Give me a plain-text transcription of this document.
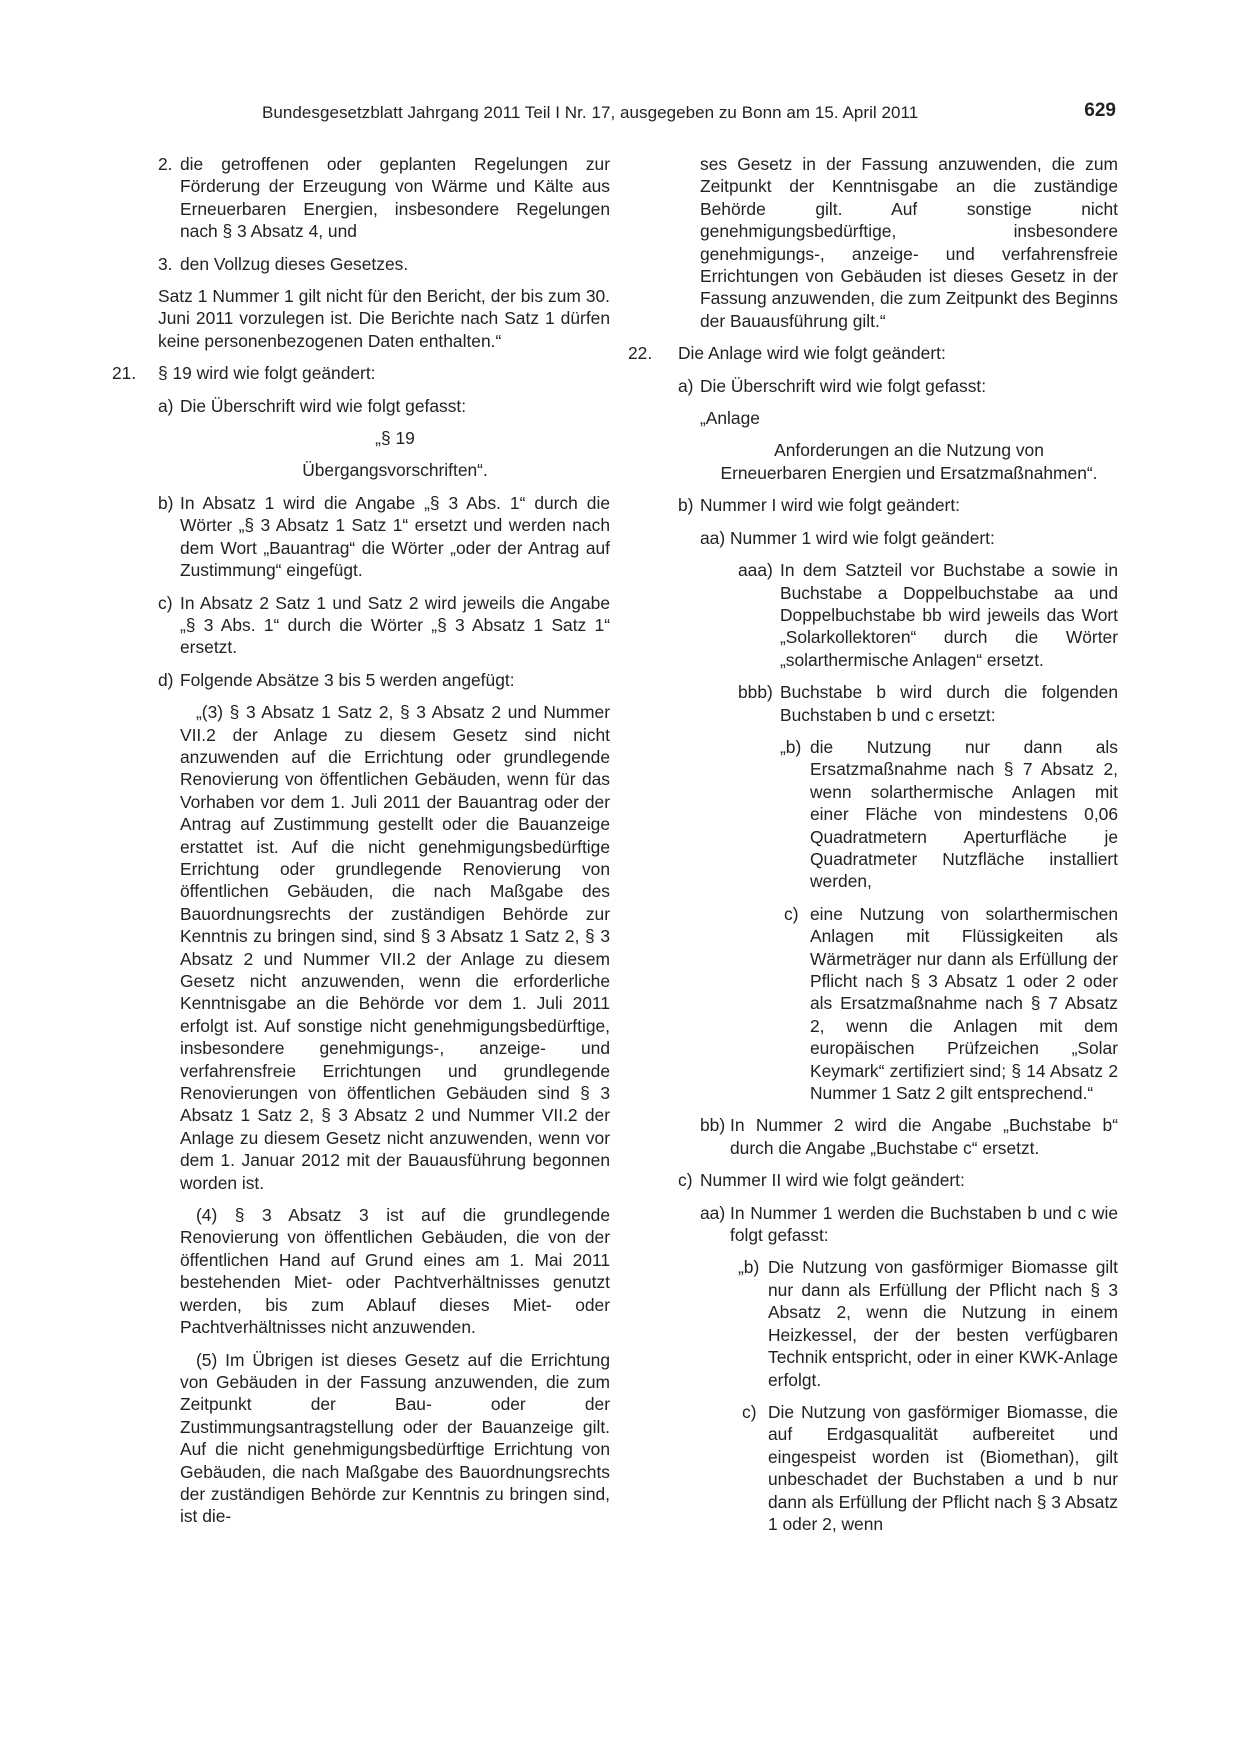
Bundesgesetzblatt Jahrgang 2011 Teil I Nr. 17, ausgegeben zu Bonn am 15. April 2011	629
2. die getroffenen oder geplanten Regelungen zur Förderung der Erzeugung von Wärme und Kälte aus Erneuerbaren Energien, insbesondere Regelungen nach § 3 Absatz 4, und

3. den Vollzug dieses Gesetzes.

Satz 1 Nummer 1 gilt nicht für den Bericht, der bis zum 30. Juni 2011 vorzulegen ist. Die Berichte nach Satz 1 dürfen keine personenbezogenen Daten enthalten.“

21. § 19 wird wie folgt geändert:

a) Die Überschrift wird wie folgt gefasst:

„§ 19

Übergangsvorschriften“.

b) In Absatz 1 wird die Angabe „§ 3 Abs. 1“ durch die Wörter „§ 3 Absatz 1 Satz 1“ ersetzt und werden nach dem Wort „Bauantrag“ die Wörter „oder der Antrag auf Zustimmung“ eingefügt.

c) In Absatz 2 Satz 1 und Satz 2 wird jeweils die Angabe „§ 3 Abs. 1“ durch die Wörter „§ 3 Absatz 1 Satz 1“ ersetzt.

d) Folgende Absätze 3 bis 5 werden angefügt:

„(3) § 3 Absatz 1 Satz 2, § 3 Absatz 2 und Nummer VII.2 der Anlage zu diesem Gesetz sind nicht anzuwenden auf die Errichtung oder grundlegende Renovierung von öffentlichen Gebäuden, wenn für das Vorhaben vor dem 1. Juli 2011 der Bauantrag oder der Antrag auf Zustimmung gestellt oder die Bauanzeige erstattet ist. Auf die nicht genehmigungsbedürftige Errichtung oder grundlegende Renovierung von öffentlichen Gebäuden, die nach Maßgabe des Bauordnungsrechts der zuständigen Behörde zur Kenntnis zu bringen sind, sind § 3 Absatz 1 Satz 2, § 3 Absatz 2 und Nummer VII.2 der Anlage zu diesem Gesetz nicht anzuwenden, wenn die erforderliche Kenntnisgabe an die Behörde vor dem 1. Juli 2011 erfolgt ist. Auf sonstige nicht genehmigungsbedürftige, insbesondere genehmigungs-, anzeige- und verfahrensfreie Errichtungen und grundlegende Renovierungen von öffentlichen Gebäuden sind § 3 Absatz 1 Satz 2, § 3 Absatz 2 und Nummer VII.2 der Anlage zu diesem Gesetz nicht anzuwenden, wenn vor dem 1. Januar 2012 mit der Bauausführung begonnen worden ist.

(4) § 3 Absatz 3 ist auf die grundlegende Renovierung von öffentlichen Gebäuden, die von der öffentlichen Hand auf Grund eines am 1. Mai 2011 bestehenden Miet- oder Pachtverhältnisses genutzt werden, bis zum Ablauf dieses Miet- oder Pachtverhältnisses nicht anzuwenden.

(5) Im Übrigen ist dieses Gesetz auf die Errichtung von Gebäuden in der Fassung anzuwenden, die zum Zeitpunkt der Bau- oder der Zustimmungsantragstellung oder der Bauanzeige gilt. Auf die nicht genehmigungsbedürftige Errichtung von Gebäuden, die nach Maßgabe des Bauordnungsrechts der zuständigen Behörde zur Kenntnis zu bringen sind, ist die-

ses Gesetz in der Fassung anzuwenden, die zum Zeitpunkt der Kenntnisgabe an die zuständige Behörde gilt. Auf sonstige nicht genehmigungsbedürftige, insbesondere genehmigungs-, anzeige- und verfahrensfreie Errichtungen von Gebäuden ist dieses Gesetz in der Fassung anzuwenden, die zum Zeitpunkt des Beginns der Bauausführung gilt.“

22. Die Anlage wird wie folgt geändert:

a) Die Überschrift wird wie folgt gefasst:

„Anlage

Anforderungen an die Nutzung von

Erneuerbaren Energien und Ersatzmaßnahmen“.

b) Nummer I wird wie folgt geändert:

aa) Nummer 1 wird wie folgt geändert:

aaa) In dem Satzteil vor Buchstabe a sowie in Buchstabe a Doppelbuchstabe aa und Doppelbuchstabe bb wird jeweils das Wort „Solarkollektoren“ durch die Wörter „solarthermische Anlagen“ ersetzt.

bbb) Buchstabe b wird durch die folgenden Buchstaben b und c ersetzt:

„b) die Nutzung nur dann als Ersatzmaßnahme nach § 7 Absatz 2, wenn solarthermische Anlagen mit einer Fläche von mindestens 0,06 Quadratmetern Aperturfläche je Quadratmeter Nutzfläche installiert werden,

c) eine Nutzung von solarthermischen Anlagen mit Flüssigkeiten als Wärmeträger nur dann als Erfüllung der Pflicht nach § 3 Absatz 1 oder 2 oder als Ersatzmaßnahme nach § 7 Absatz 2, wenn die Anlagen mit dem europäischen Prüfzeichen „Solar Keymark“ zertifiziert sind; § 14 Absatz 2 Nummer 1 Satz 2 gilt entsprechend.“

bb) In Nummer 2 wird die Angabe „Buchstabe b“ durch die Angabe „Buchstabe c“ ersetzt.

c) Nummer II wird wie folgt geändert:

aa) In Nummer 1 werden die Buchstaben b und c wie folgt gefasst:

„b) Die Nutzung von gasförmiger Biomasse gilt nur dann als Erfüllung der Pflicht nach § 3 Absatz 2, wenn die Nutzung in einem Heizkessel, der der besten verfügbaren Technik entspricht, oder in einer KWK-Anlage erfolgt.

c) Die Nutzung von gasförmiger Biomasse, die auf Erdgasqualität aufbereitet und eingespeist worden ist (Biomethan), gilt unbeschadet der Buchstaben a und b nur dann als Erfüllung der Pflicht nach § 3 Absatz 1 oder 2, wenn
